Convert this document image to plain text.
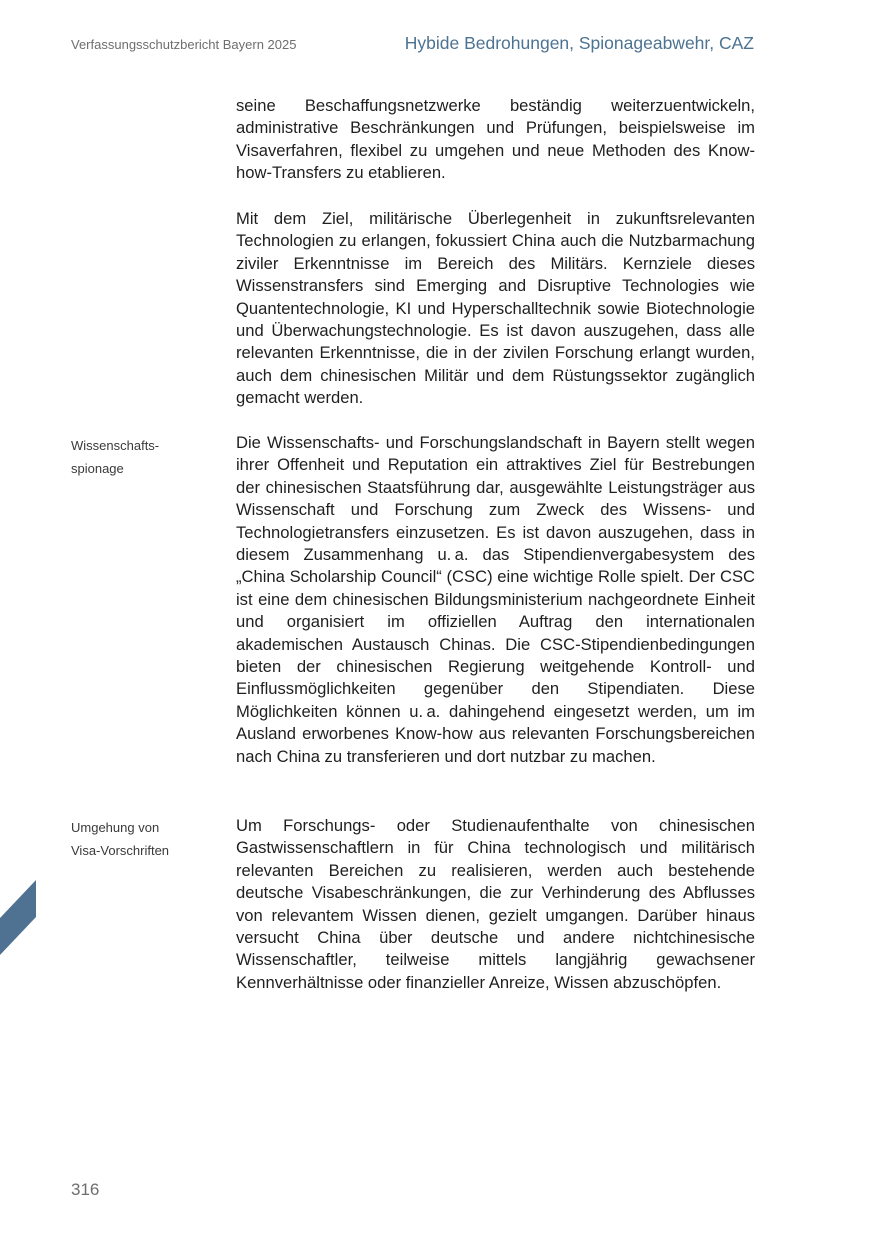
Verfassungsschutzbericht Bayern 2025	Hybide Bedrohungen, Spionageabwehr, CAZ

seine Beschaffungsnetzwerke beständig weiterzuentwickeln, administrative Beschränkungen und Prüfungen, beispielsweise im Visaverfahren, flexibel zu umgehen und neue Methoden des Know-how-Transfers zu etablieren.

Mit dem Ziel, militärische Überlegenheit in zukunftsrelevanten Technologien zu erlangen, fokussiert China auch die Nutzbarmachung ziviler Erkenntnisse im Bereich des Militärs. Kernziele dieses Wissenstransfers sind Emerging and Disruptive Technologies wie Quantentechnologie, KI und Hyperschalltechnik sowie Biotechnologie und Überwachungstechnologie. Es ist davon auszugehen, dass alle relevanten Erkenntnisse, die in der zivilen Forschung erlangt wurden, auch dem chinesischen Militär und dem Rüstungssektor zugänglich gemacht werden.

Wissenschafts-
spionage

Die Wissenschafts- und Forschungslandschaft in Bayern stellt wegen ihrer Offenheit und Reputation ein attraktives Ziel für Bestrebungen der chinesischen Staatsführung dar, ausgewählte Leistungsträger aus Wissenschaft und Forschung zum Zweck des Wissens- und Technologietransfers einzusetzen. Es ist davon auszugehen, dass in diesem Zusammenhang u. a. das Stipendienvergabesystem des „China Scholarship Council“ (CSC) eine wichtige Rolle spielt. Der CSC ist eine dem chinesischen Bildungsministerium nachgeordnete Einheit und organisiert im offiziellen Auftrag den internationalen akademischen Austausch Chinas. Die CSC-Stipendienbedingungen bieten der chinesischen Regierung weitgehende Kontroll- und Einflussmöglichkeiten gegenüber den Stipendiaten. Diese Möglichkeiten können u. a. dahingehend eingesetzt werden, um im Ausland erworbenes Know-how aus relevanten Forschungsbereichen nach China zu transferieren und dort nutzbar zu machen.

Umgehung von
Visa-Vorschriften

Um Forschungs- oder Studienaufenthalte von chinesischen Gastwissenschaftlern in für China technologisch und militärisch relevanten Bereichen zu realisieren, werden auch bestehende deutsche Visabeschränkungen, die zur Verhinderung des Abflusses von relevantem Wissen dienen, gezielt umgangen. Darüber hinaus versucht China über deutsche und andere nichtchinesische Wissenschaftler, teilweise mittels langjährig gewachsener Kennverhältnisse oder finanzieller Anreize, Wissen abzuschöpfen.

316
